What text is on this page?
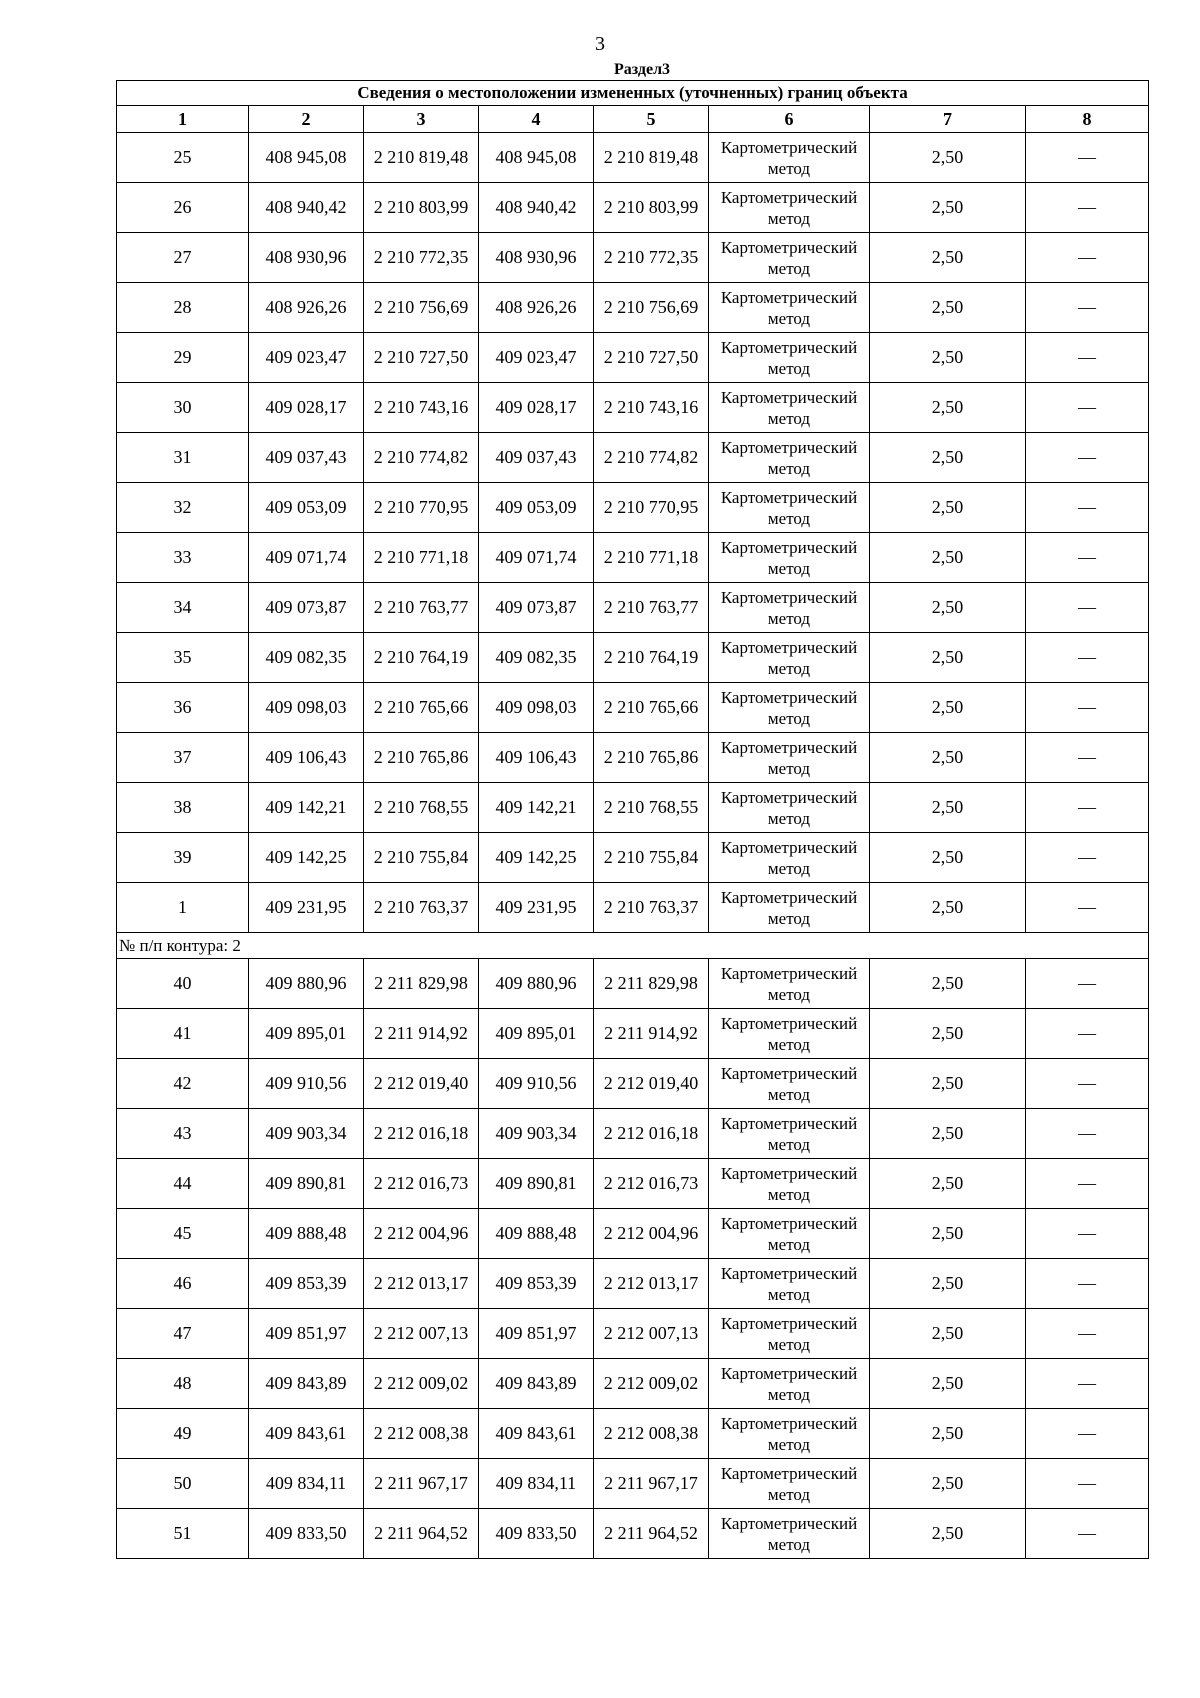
3
Раздел3
Сведения о местоположении измененных (уточненных) границ объекта							
1	2	3	4	5	6	7	8
25	408 945,08	2 210 819,48	408 945,08	2 210 819,48	Картометрический метод	2,50	—
26	408 940,42	2 210 803,99	408 940,42	2 210 803,99	Картометрический метод	2,50	—
27	408 930,96	2 210 772,35	408 930,96	2 210 772,35	Картометрический метод	2,50	—
28	408 926,26	2 210 756,69	408 926,26	2 210 756,69	Картометрический метод	2,50	—
29	409 023,47	2 210 727,50	409 023,47	2 210 727,50	Картометрический метод	2,50	—
30	409 028,17	2 210 743,16	409 028,17	2 210 743,16	Картометрический метод	2,50	—
31	409 037,43	2 210 774,82	409 037,43	2 210 774,82	Картометрический метод	2,50	—
32	409 053,09	2 210 770,95	409 053,09	2 210 770,95	Картометрический метод	2,50	—
33	409 071,74	2 210 771,18	409 071,74	2 210 771,18	Картометрический метод	2,50	—
34	409 073,87	2 210 763,77	409 073,87	2 210 763,77	Картометрический метод	2,50	—
35	409 082,35	2 210 764,19	409 082,35	2 210 764,19	Картометрический метод	2,50	—
36	409 098,03	2 210 765,66	409 098,03	2 210 765,66	Картометрический метод	2,50	—
37	409 106,43	2 210 765,86	409 106,43	2 210 765,86	Картометрический метод	2,50	—
38	409 142,21	2 210 768,55	409 142,21	2 210 768,55	Картометрический метод	2,50	—
39	409 142,25	2 210 755,84	409 142,25	2 210 755,84	Картометрический метод	2,50	—
1	409 231,95	2 210 763,37	409 231,95	2 210 763,37	Картометрический метод	2,50	—
№ п/п контура: 2							
40	409 880,96	2 211 829,98	409 880,96	2 211 829,98	Картометрический метод	2,50	—
41	409 895,01	2 211 914,92	409 895,01	2 211 914,92	Картометрический метод	2,50	—
42	409 910,56	2 212 019,40	409 910,56	2 212 019,40	Картометрический метод	2,50	—
43	409 903,34	2 212 016,18	409 903,34	2 212 016,18	Картометрический метод	2,50	—
44	409 890,81	2 212 016,73	409 890,81	2 212 016,73	Картометрический метод	2,50	—
45	409 888,48	2 212 004,96	409 888,48	2 212 004,96	Картометрический метод	2,50	—
46	409 853,39	2 212 013,17	409 853,39	2 212 013,17	Картометрический метод	2,50	—
47	409 851,97	2 212 007,13	409 851,97	2 212 007,13	Картометрический метод	2,50	—
48	409 843,89	2 212 009,02	409 843,89	2 212 009,02	Картометрический метод	2,50	—
49	409 843,61	2 212 008,38	409 843,61	2 212 008,38	Картометрический метод	2,50	—
50	409 834,11	2 211 967,17	409 834,11	2 211 967,17	Картометрический метод	2,50	—
51	409 833,50	2 211 964,52	409 833,50	2 211 964,52	Картометрический метод	2,50	—
